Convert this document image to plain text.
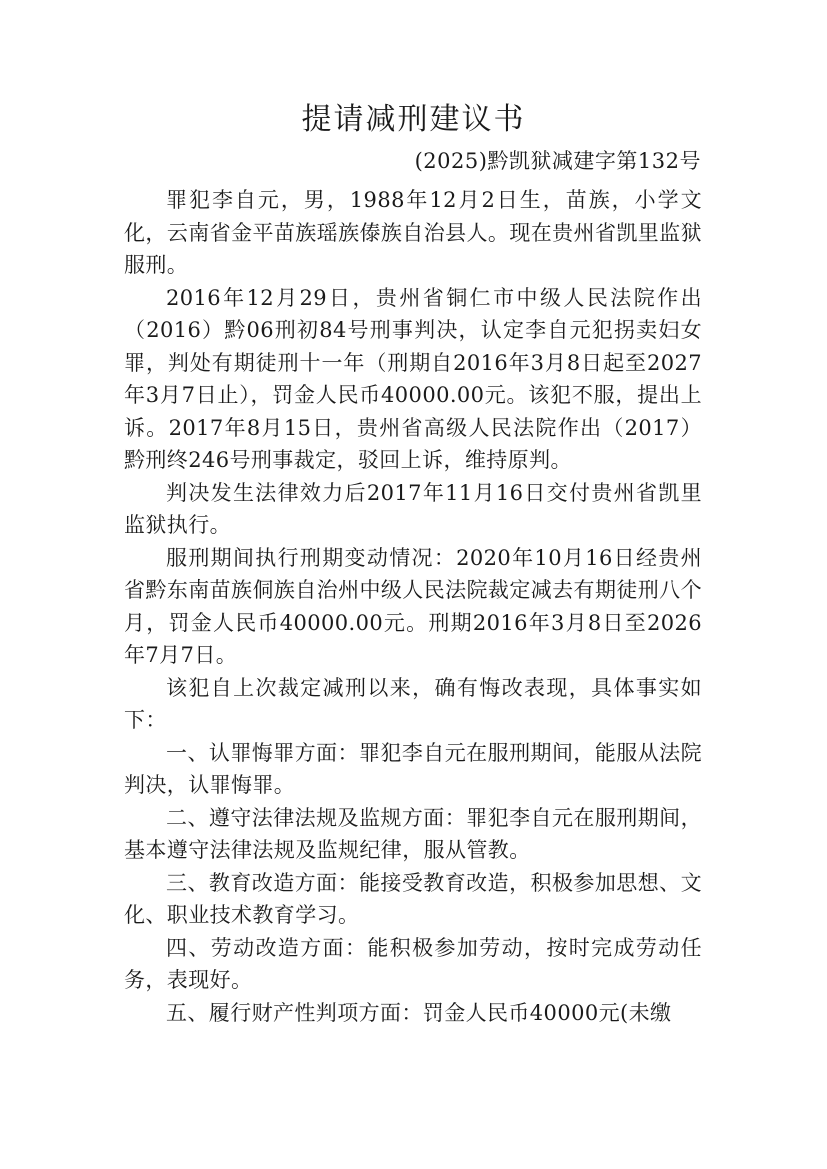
提请减刑建议书

(2025)黔凯狱减建字第132号

罪犯李自元，男，1988年12月2日生，苗族，小学文化，云南省金平苗族瑶族傣族自治县人。现在贵州省凯里监狱服刑。

2016年12月29日，贵州省铜仁市中级人民法院作出（2016）黔06刑初84号刑事判决，认定李自元犯拐卖妇女罪，判处有期徒刑十一年（刑期自2016年3月8日起至2027年3月7日止），罚金人民币40000.00元。该犯不服，提出上诉。2017年8月15日，贵州省高级人民法院作出（2017）黔刑终246号刑事裁定，驳回上诉，维持原判。

判决发生法律效力后2017年11月16日交付贵州省凯里监狱执行。

服刑期间执行刑期变动情况：2020年10月16日经贵州省黔东南苗族侗族自治州中级人民法院裁定减去有期徒刑八个月，罚金人民币40000.00元。刑期2016年3月8日至2026年7月7日。

该犯自上次裁定减刑以来，确有悔改表现，具体事实如下：

一、认罪悔罪方面：罪犯李自元在服刑期间，能服从法院判决，认罪悔罪。

二、遵守法律法规及监规方面：罪犯李自元在服刑期间，基本遵守法律法规及监规纪律，服从管教。

三、教育改造方面：能接受教育改造，积极参加思想、文化、职业技术教育学习。

四、劳动改造方面：能积极参加劳动，按时完成劳动任务，表现好。

五、履行财产性判项方面：罚金人民币40000元(未缴
